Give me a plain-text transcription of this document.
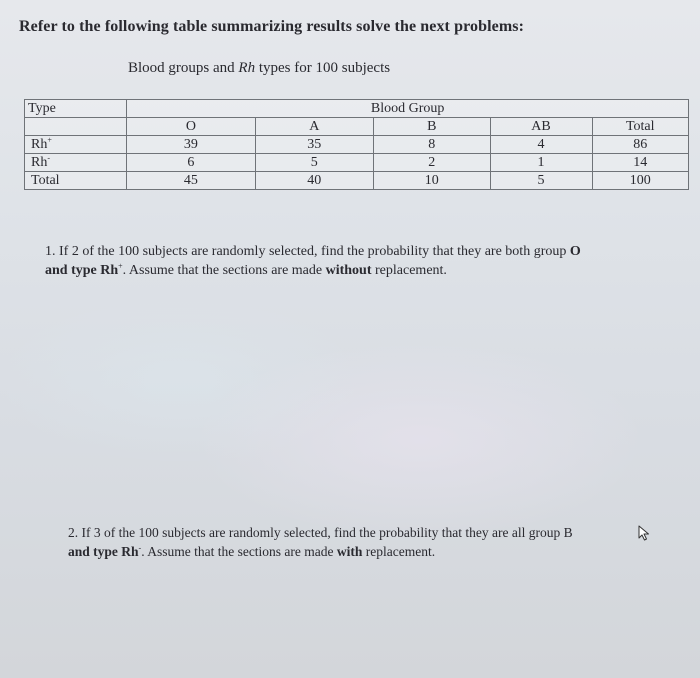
Refer to the following table summarizing results solve the next problems:
Blood groups and Rh types for 100 subjects
Type	Blood Group				
	O	A	B	AB	Total
Rh+	39	35	8	4	86
Rh-	6	5	2	1	14
Total	45	40	10	5	100
1. If 2 of the 100 subjects are randomly selected, find the probability that they are both group O
and type Rh+. Assume that the sections are made without replacement.
2. If 3 of the 100 subjects are randomly selected, find the probability that they are all group B
and type Rh-. Assume that the sections are made with replacement.
